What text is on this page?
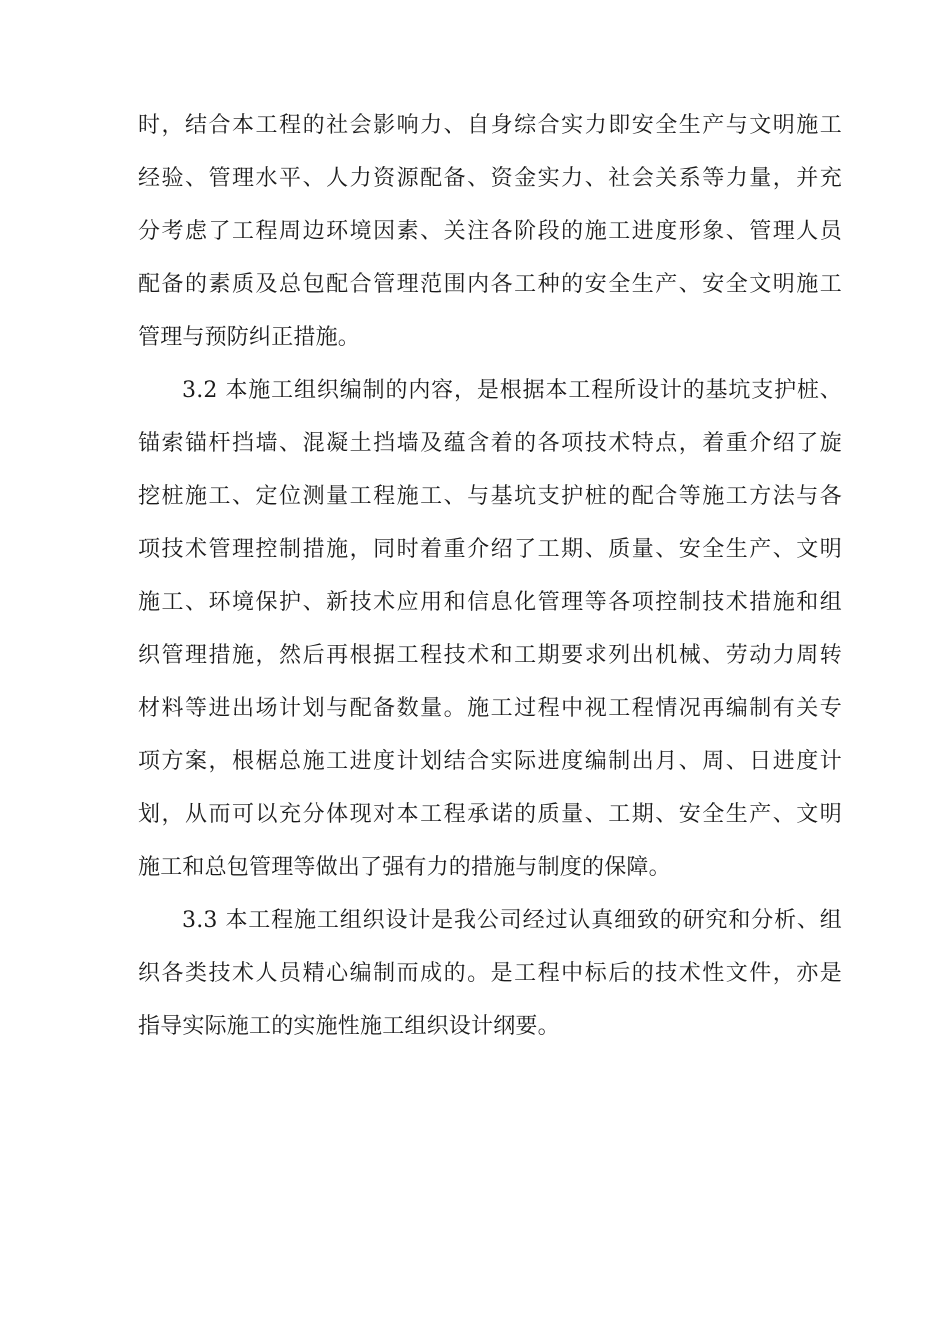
时，结合本工程的社会影响力、自身综合实力即安全生产与文明施工
经验、管理水平、人力资源配备、资金实力、社会关系等力量，并充
分考虑了工程周边环境因素、关注各阶段的施工进度形象、管理人员
配备的素质及总包配合管理范围内各工种的安全生产、安全文明施工
管理与预防纠正措施。
3.2 本施工组织编制的内容，是根据本工程所设计的基坑支护桩、
锚索锚杆挡墙、混凝土挡墙及蕴含着的各项技术特点，着重介绍了旋
挖桩施工、定位测量工程施工、与基坑支护桩的配合等施工方法与各
项技术管理控制措施，同时着重介绍了工期、质量、安全生产、文明
施工、环境保护、新技术应用和信息化管理等各项控制技术措施和组
织管理措施，然后再根据工程技术和工期要求列出机械、劳动力周转
材料等进出场计划与配备数量。施工过程中视工程情况再编制有关专
项方案，根椐总施工进度计划结合实际进度编制出月、周、日进度计
划，从而可以充分体现对本工程承诺的质量、工期、安全生产、文明
施工和总包管理等做出了强有力的措施与制度的保障。
3.3 本工程施工组织设计是我公司经过认真细致的研究和分析、组
织各类技术人员精心编制而成的。是工程中标后的技术性文件，亦是
指导实际施工的实施性施工组织设计纲要。
